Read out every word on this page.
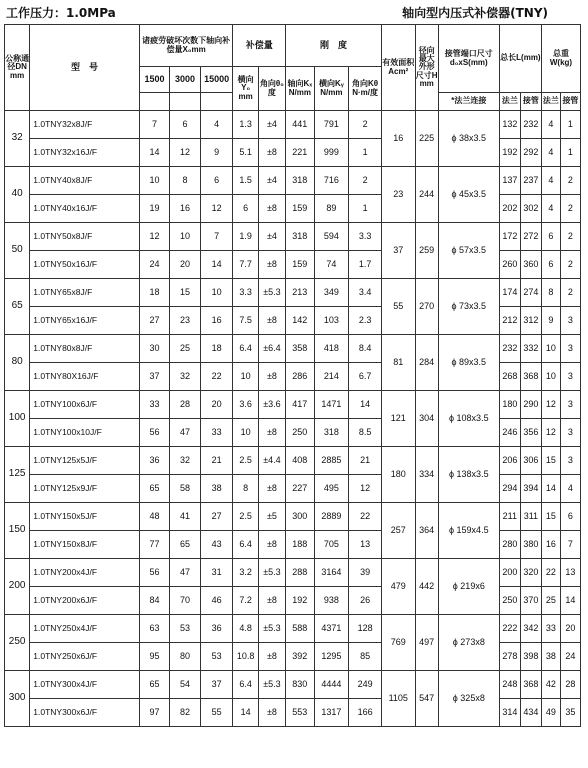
工作压力：1.0MPa	轴向型内压式补偿器(TNY)
公称通径DN mm	型　号	诸疲劳破坏次数下轴向补偿量X₀mm			补偿量		刚　度			有效面积Acm²	径向最大外形尺寸H mm	接管端口尺寸d₀xS(mm)	总长L(mm)		总重W(kg)	
		1500	3000	15000	横向Y₀ mm	角向θ₀度	轴向Kₓ N/mm	横向Kᵧ N/mm	角向Kθ N·m/度							
												*法兰连接	法兰	接管	法兰	接管
32	1.0TNY32x8J/F	7	6	4	1.3	±4	441	791	2	16	225	ϕ 38x3.5	132	232	4	1
	1.0TNY32x16J/F	14	12	9	5.1	±8	221	999	1				192	292	4	1
40	1.0TNY40x8J/F	10	8	6	1.5	±4	318	716	2	23	244	ϕ 45x3.5	137	237	4	2
	1.0TNY40x16J/F	19	16	12	6	±8	159	89	1				202	302	4	2
50	1.0TNY50x8J/F	12	10	7	1.9	±4	318	594	3.3	37	259	ϕ 57x3.5	172	272	6	2
	1.0TNY50x16J/F	24	20	14	7.7	±8	159	74	1.7				260	360	6	2
65	1.0TNY65x8J/F	18	15	10	3.3	±5.3	213	349	3.4	55	270	ϕ 73x3.5	174	274	8	2
	1.0TNY65x16J/F	27	23	16	7.5	±8	142	103	2.3				212	312	9	3
80	1.0TNY80x8J/F	30	25	18	6.4	±6.4	358	418	8.4	81	284	ϕ 89x3.5	232	332	10	3
	1.0TNY80X16J/F	37	32	22	10	±8	286	214	6.7				268	368	10	3
100	1.0TNY100x6J/F	33	28	20	3.6	±3.6	417	1471	14	121	304	ϕ 108x3.5	180	290	12	3
	1.0TNY100x10J/F	56	47	33	10	±8	250	318	8.5				246	356	12	3
125	1.0TNY125x5J/F	36	32	21	2.5	±4.4	408	2885	21	180	334	ϕ 138x3.5	206	306	15	3
	1.0TNY125x9J/F	65	58	38	8	±8	227	495	12				294	394	14	4
150	1.0TNY150x5J/F	48	41	27	2.5	±5	300	2889	22	257	364	ϕ 159x4.5	211	311	15	6
	1.0TNY150x8J/F	77	65	43	6.4	±8	188	705	13				280	380	16	7
200	1.0TNY200x4J/F	56	47	31	3.2	±5.3	288	3164	39	479	442	ϕ 219x6	200	320	22	13
	1.0TNY200x6J/F	84	70	46	7.2	±8	192	938	26				250	370	25	14
250	1.0TNY250x4J/F	63	53	36	4.8	±5.3	588	4371	128	769	497	ϕ 273x8	222	342	33	20
	1.0TNY250x6J/F	95	80	53	10.8	±8	392	1295	85				278	398	38	24
300	1.0TNY300x4J/F	65	54	37	6.4	±5.3	830	4444	249	1105	547	ϕ 325x8	248	368	42	28
	1.0TNY300x6J/F	97	82	55	14	±8	553	1317	166				314	434	49	35
